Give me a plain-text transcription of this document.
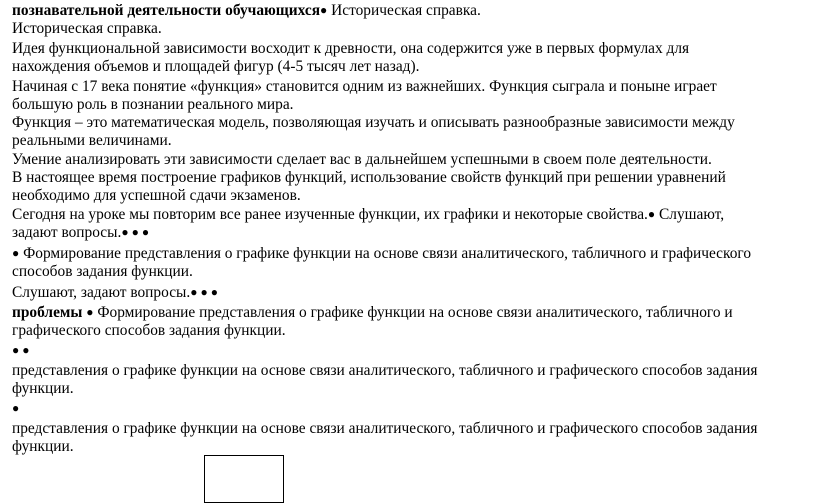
познавательной деятельности обучающихся● Историческая справка.
Историческая справка.
Идея функциональной зависимости восходит к древности, она содержится уже в первых формулах для
нахождения объемов и площадей фигур (4-5 тысяч лет назад).
Начиная с 17 века понятие «функция» становится одним из важнейших. Функция сыграла и поныне играет
большую роль в познании реального мира.
Функция – это математическая модель, позволяющая изучать и описывать разнообразные зависимости между
реальными величинами.
Умение анализировать эти зависимости сделает вас в дальнейшем успешными в своем поле деятельности.
В настоящее время построение графиков функций, использование свойств функций при решении уравнений
необходимо для успешной сдачи экзаменов.
Сегодня на уроке мы повторим все ранее изученные функции, их графики и некоторые свойства.● Слушают,
задают вопросы.● ● ●
● Формирование представления о графике функции на основе связи аналитического, табличного и графического
способов задания функции.
Слушают, задают вопросы.● ● ●
проблемы ● Формирование представления о графике функции на основе связи аналитического, табличного и
графического способов задания функции.
● ●
представления о графике функции на основе связи аналитического, табличного и графического способов задания
функции.
●
представления о графике функции на основе связи аналитического, табличного и графического способов задания
функции.
